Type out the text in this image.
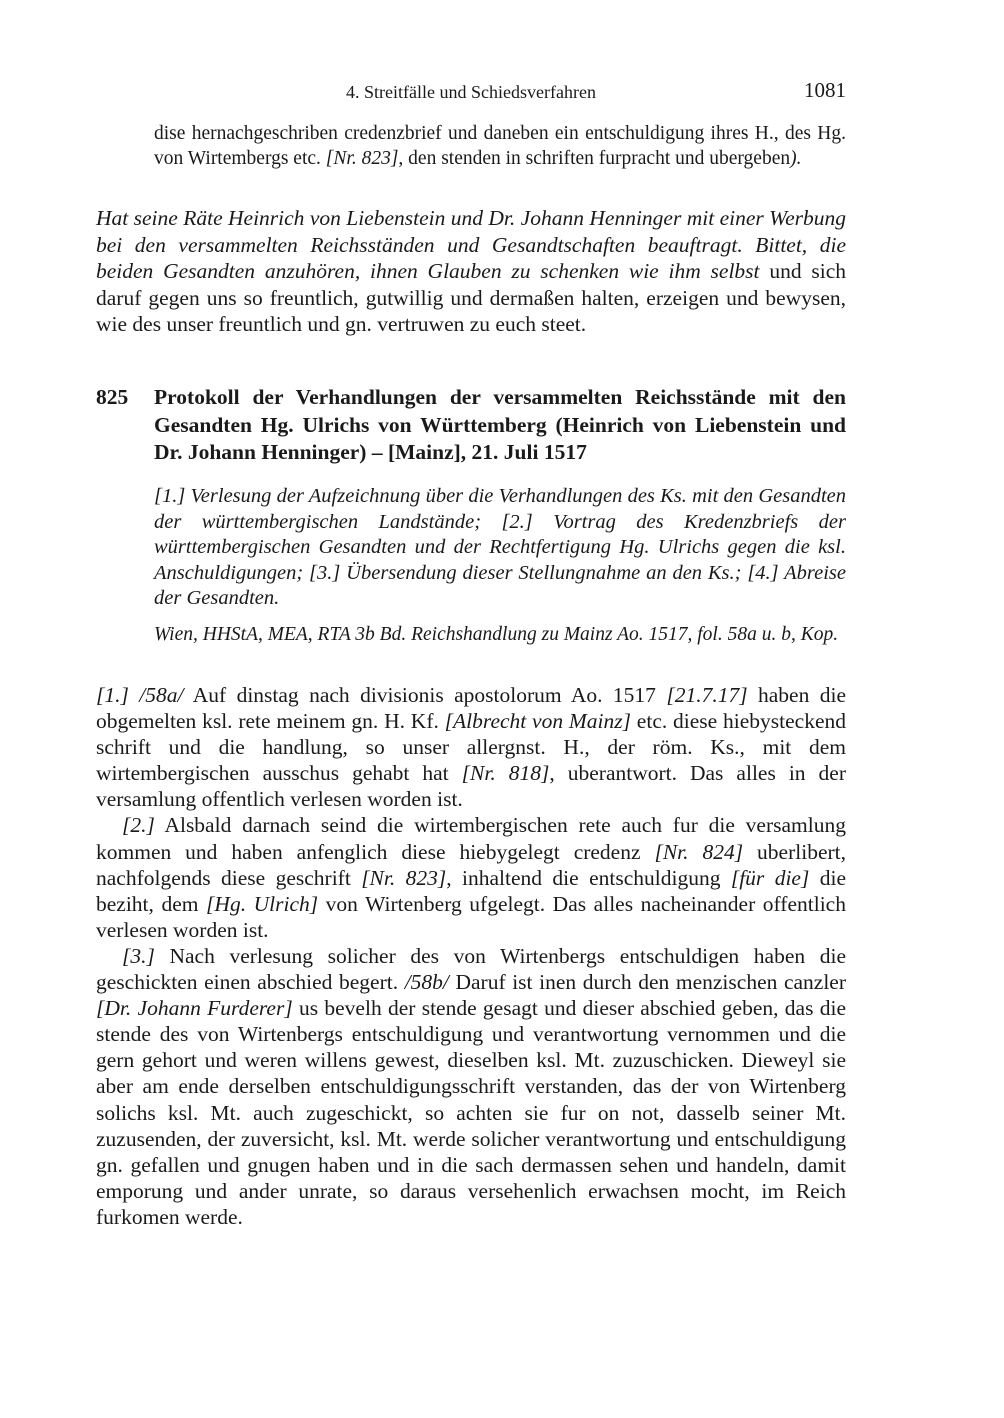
4. Streitfälle und Schiedsverfahren	1081

dise hernachgeschriben credenzbrief und daneben ein entschuldigung ihres H., des Hg. von Wirtembergs etc. [Nr. 823], den stenden in schriften furpracht und ubergeben).

Hat seine Räte Heinrich von Liebenstein und Dr. Johann Henninger mit einer Werbung bei den versammelten Reichsständen und Gesandtschaften beauftragt. Bittet, die beiden Gesandten anzuhören, ihnen Glauben zu schenken wie ihm selbst und sich daruf gegen uns so freuntlich, gutwillig und dermaßen halten, erzeigen und bewysen, wie des unser freuntlich und gn. vertruwen zu euch steet.

825 Protokoll der Verhandlungen der versammelten Reichsstände mit den Gesandten Hg. Ulrichs von Württemberg (Heinrich von Liebenstein und Dr. Johann Henninger) – [Mainz], 21. Juli 1517

[1.] Verlesung der Aufzeichnung über die Verhandlungen des Ks. mit den Gesandten der württembergischen Landstände; [2.] Vortrag des Kredenzbriefs der württembergischen Gesandten und der Rechtfertigung Hg. Ulrichs gegen die ksl. Anschuldigungen; [3.] Übersendung dieser Stellungnahme an den Ks.; [4.] Abreise der Gesandten.

Wien, HHStA, MEA, RTA 3b Bd. Reichshandlung zu Mainz Ao. 1517, fol. 58a u. b, Kop.

[1.] /58a/ Auf dinstag nach divisionis apostolorum Ao. 1517 [21.7.17] haben die obgemelten ksl. rete meinem gn. H. Kf. [Albrecht von Mainz] etc. diese hiebysteckend schrift und die handlung, so unser allergnst. H., der röm. Ks., mit dem wirtembergischen ausschus gehabt hat [Nr. 818], uberantwort. Das alles in der versamlung offentlich verlesen worden ist.

[2.] Alsbald darnach seind die wirtembergischen rete auch fur die versamlung kommen und haben anfenglich diese hiebygelegt credenz [Nr. 824] uberlibert, nachfolgends diese geschrift [Nr. 823], inhaltend die entschuldigung [für die] die beziht, dem [Hg. Ulrich] von Wirtenberg ufgelegt. Das alles nacheinander offentlich verlesen worden ist.

[3.] Nach verlesung solicher des von Wirtenbergs entschuldigen haben die geschickten einen abschied begert. /58b/ Daruf ist inen durch den menzischen canzler [Dr. Johann Furderer] us bevelh der stende gesagt und dieser abschied geben, das die stende des von Wirtenbergs entschuldigung und verantwortung vernommen und die gern gehort und weren willens gewest, dieselben ksl. Mt. zuzuschicken. Dieweyl sie aber am ende derselben entschuldigungsschrift verstanden, das der von Wirtenberg solichs ksl. Mt. auch zugeschickt, so achten sie fur on not, dasselb seiner Mt. zuzusenden, der zuversicht, ksl. Mt. werde solicher verantwortung und entschuldigung gn. gefallen und gnugen haben und in die sach dermassen sehen und handeln, damit emporung und ander unrate, so daraus versehenlich erwachsen mocht, im Reich furkomen werde.
